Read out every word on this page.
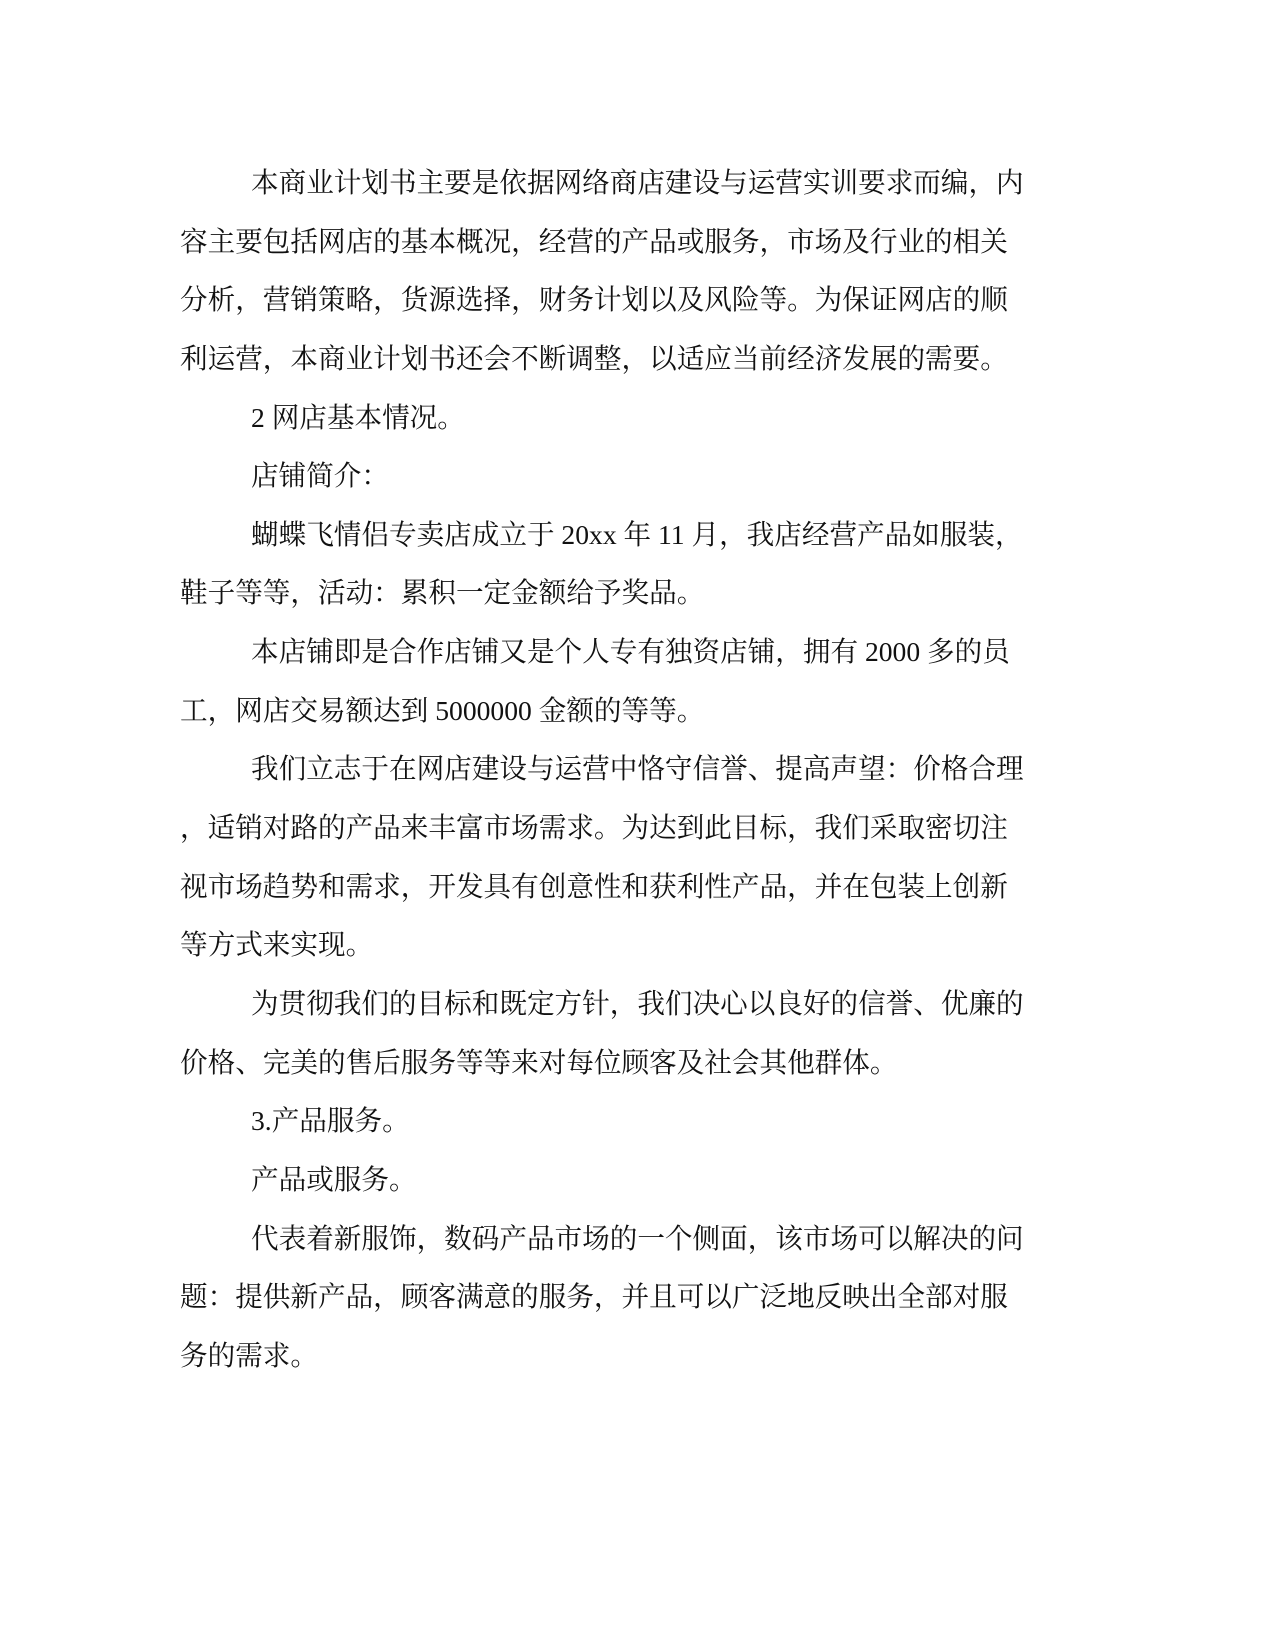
本商业计划书主要是依据网络商店建设与运营实训要求而编，内
容主要包括网店的基本概况，经营的产品或服务，市场及行业的相关
分析，营销策略，货源选择，财务计划以及风险等。为保证网店的顺
利运营，本商业计划书还会不断调整，以适应当前经济发展的需要。
2 网店基本情况。
店铺简介：
蝴蝶飞情侣专卖店成立于 20xx 年 11 月，我店经营产品如服装，
鞋子等等，活动：累积一定金额给予奖品。
本店铺即是合作店铺又是个人专有独资店铺，拥有 2000 多的员
工，网店交易额达到 5000000 金额的等等。
我们立志于在网店建设与运营中恪守信誉、提高声望：价格合理
，适销对路的产品来丰富市场需求。为达到此目标，我们采取密切注
视市场趋势和需求，开发具有创意性和获利性产品，并在包装上创新
等方式来实现。
为贯彻我们的目标和既定方针，我们决心以良好的信誉、优廉的
价格、完美的售后服务等等来对每位顾客及社会其他群体。
3.产品服务。
产品或服务。
代表着新服饰，数码产品市场的一个侧面，该市场可以解决的问
题：提供新产品，顾客满意的服务，并且可以广泛地反映出全部对服
务的需求。
